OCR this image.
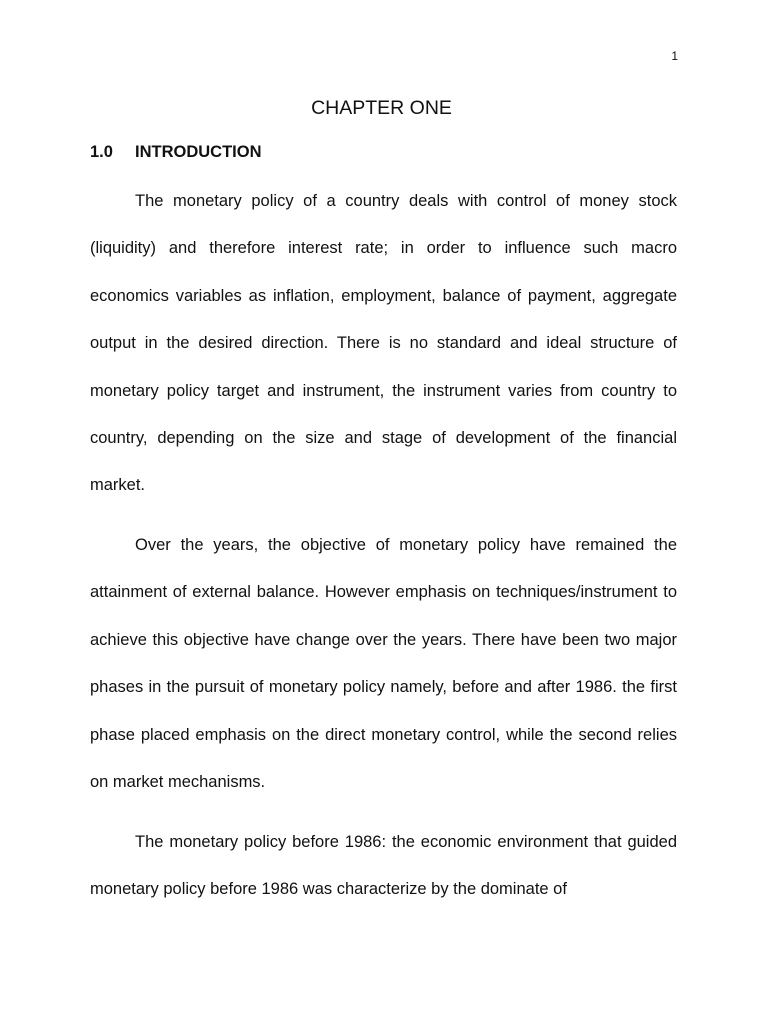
1
CHAPTER ONE
1.0 INTRODUCTION

The monetary policy of a country deals with control of money stock (liquidity) and therefore interest rate; in order to influence such macro economics variables as inflation, employment, balance of payment, aggregate output in the desired direction. There is no standard and ideal structure of monetary policy target and instrument, the instrument varies from country to country, depending on the size and stage of development of the financial market.

Over the years, the objective of monetary policy have remained the attainment of external balance. However emphasis on techniques/instrument to achieve this objective have change over the years. There have been two major phases in the pursuit of monetary policy namely, before and after 1986. the first phase placed emphasis on the direct monetary control, while the second relies on market mechanisms.

The monetary policy before 1986: the economic environment that guided monetary policy before 1986 was characterize by the dominate of
